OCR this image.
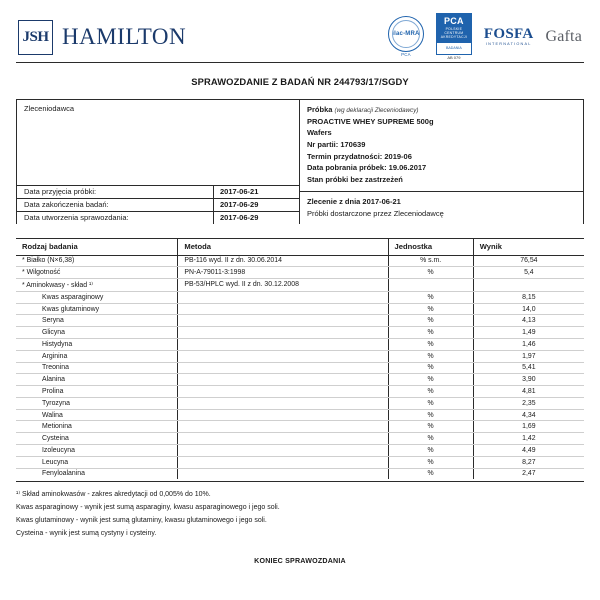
JSH HAMILTON	ilac-MRA
PCA
PCA
POLSKIE CENTRUM AKREDYTACJI
BADANIA
AB 079
FOSFA
INTERNATIONAL Gafta
SPRAWOZDANIE Z BADAŃ NR 244793/17/SGDY
Zleceniodawca
Data przyjęcia próbki:	2017-06-21
Data zakończenia badań:	2017-06-29
Data utworzenia sprawozdania:	2017-06-29
Próbka (wg deklaracji Zleceniodawcy)
PROACTIVE WHEY SUPREME 500g
Wafers
Nr partii: 170639
Termin przydatności: 2019-06
Data pobrania próbek: 19.06.2017
Stan próbki bez zastrzeżeń
Zlecenie z dnia 2017-06-21
Próbki dostarczone przez Zleceniodawcę
Rodzaj badania	Metoda	Jednostka	Wynik
* Białko (N×6,38)	PB-116 wyd. II z dn. 30.06.2014	% s.m.	76,54
* Wilgotność	PN-A-79011-3:1998	%	5,4
* Aminokwasy - skład ¹⁾	PB-53/HPLC wyd. II z dn. 30.12.2008		
Kwas asparaginowy		%	8,15
Kwas glutaminowy		%	14,0
Seryna		%	4,13
Glicyna		%	1,49
Histydyna		%	1,46
Arginina		%	1,97
Treonina		%	5,41
Alanina		%	3,90
Prolina		%	4,81
Tyrozyna		%	2,35
Walina		%	4,34
Metionina		%	1,69
Cysteina		%	1,42
Izoleucyna		%	4,49
Leucyna		%	8,27
Fenyloalanina		%	2,47
¹⁾ Skład aminokwasów - zakres akredytacji od 0,005% do 10%.
Kwas asparaginowy - wynik jest sumą asparaginy, kwasu asparaginowego i jego soli.
Kwas glutaminowy - wynik jest sumą glutaminy, kwasu glutaminowego i jego soli.
Cysteina - wynik jest sumą cystyny i cysteiny.
KONIEC SPRAWOZDANIA
